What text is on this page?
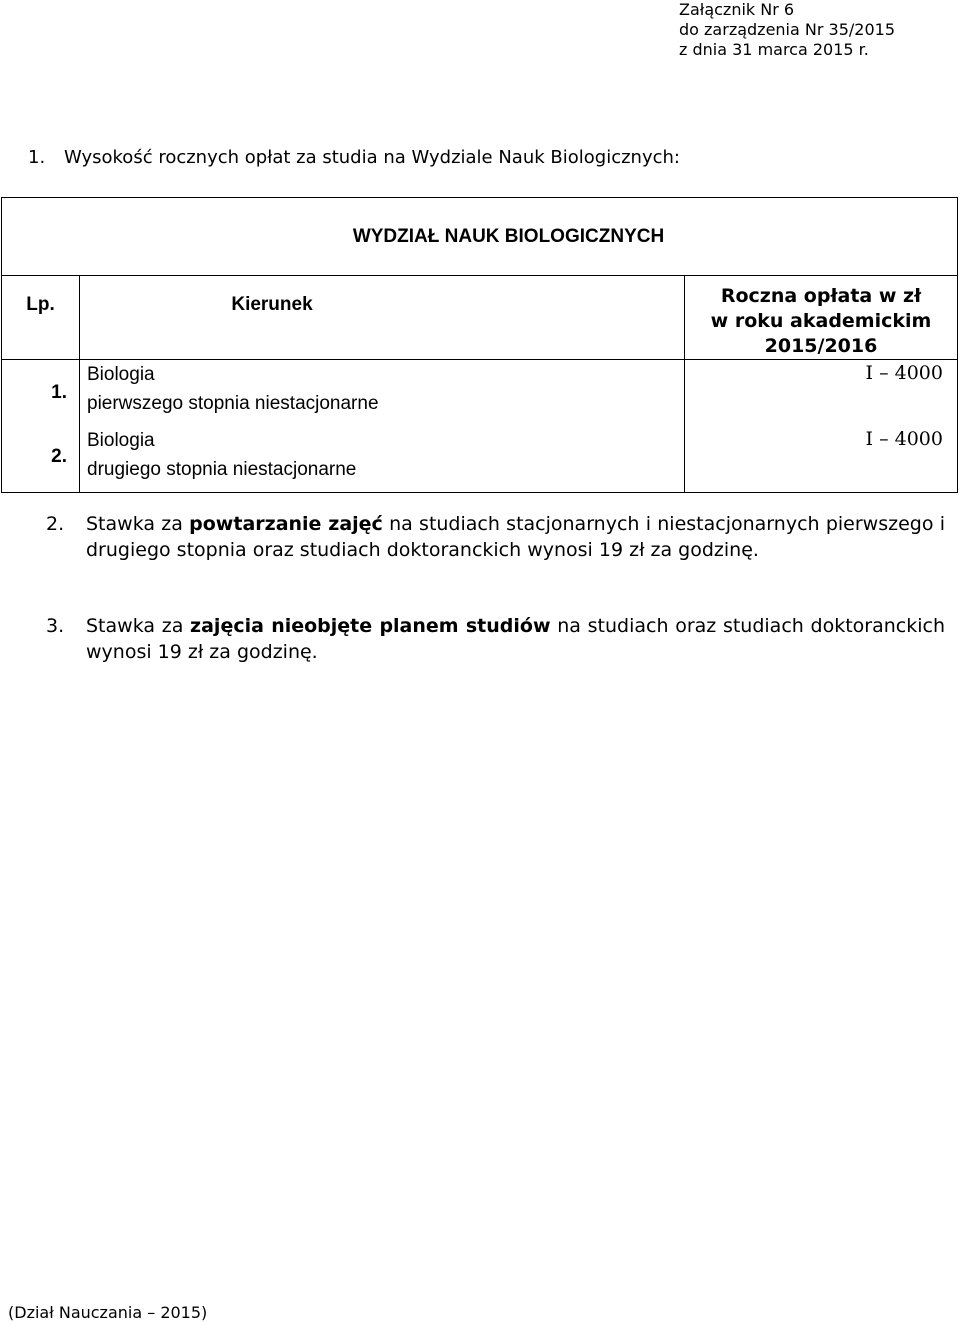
Załącznik Nr 6
do zarządzenia Nr 35/2015
z dnia 31 marca 2015 r.
1. Wysokość rocznych opłat za studia na Wydziale Nauk Biologicznych:
WYDZIAŁ NAUK BIOLOGICZNYCH		
Lp.	Kierunek	Roczna opłata w zł
w roku akademickim
2015/2016

1.	Biologia
pierwszego stopnia niestacjonarne	I – 4000
2.	Biologia
drugiego stopnia niestacjonarne	I – 4000
2. Stawka za powtarzanie zajęć na studiach stacjonarnych i niestacjonarnych pierwszego i drugiego stopnia oraz studiach doktoranckich wynosi 19 zł za godzinę.
3. Stawka za zajęcia nieobjęte planem studiów na studiach oraz studiach doktoranckich wynosi 19 zł za godzinę.
(Dział Nauczania – 2015)
